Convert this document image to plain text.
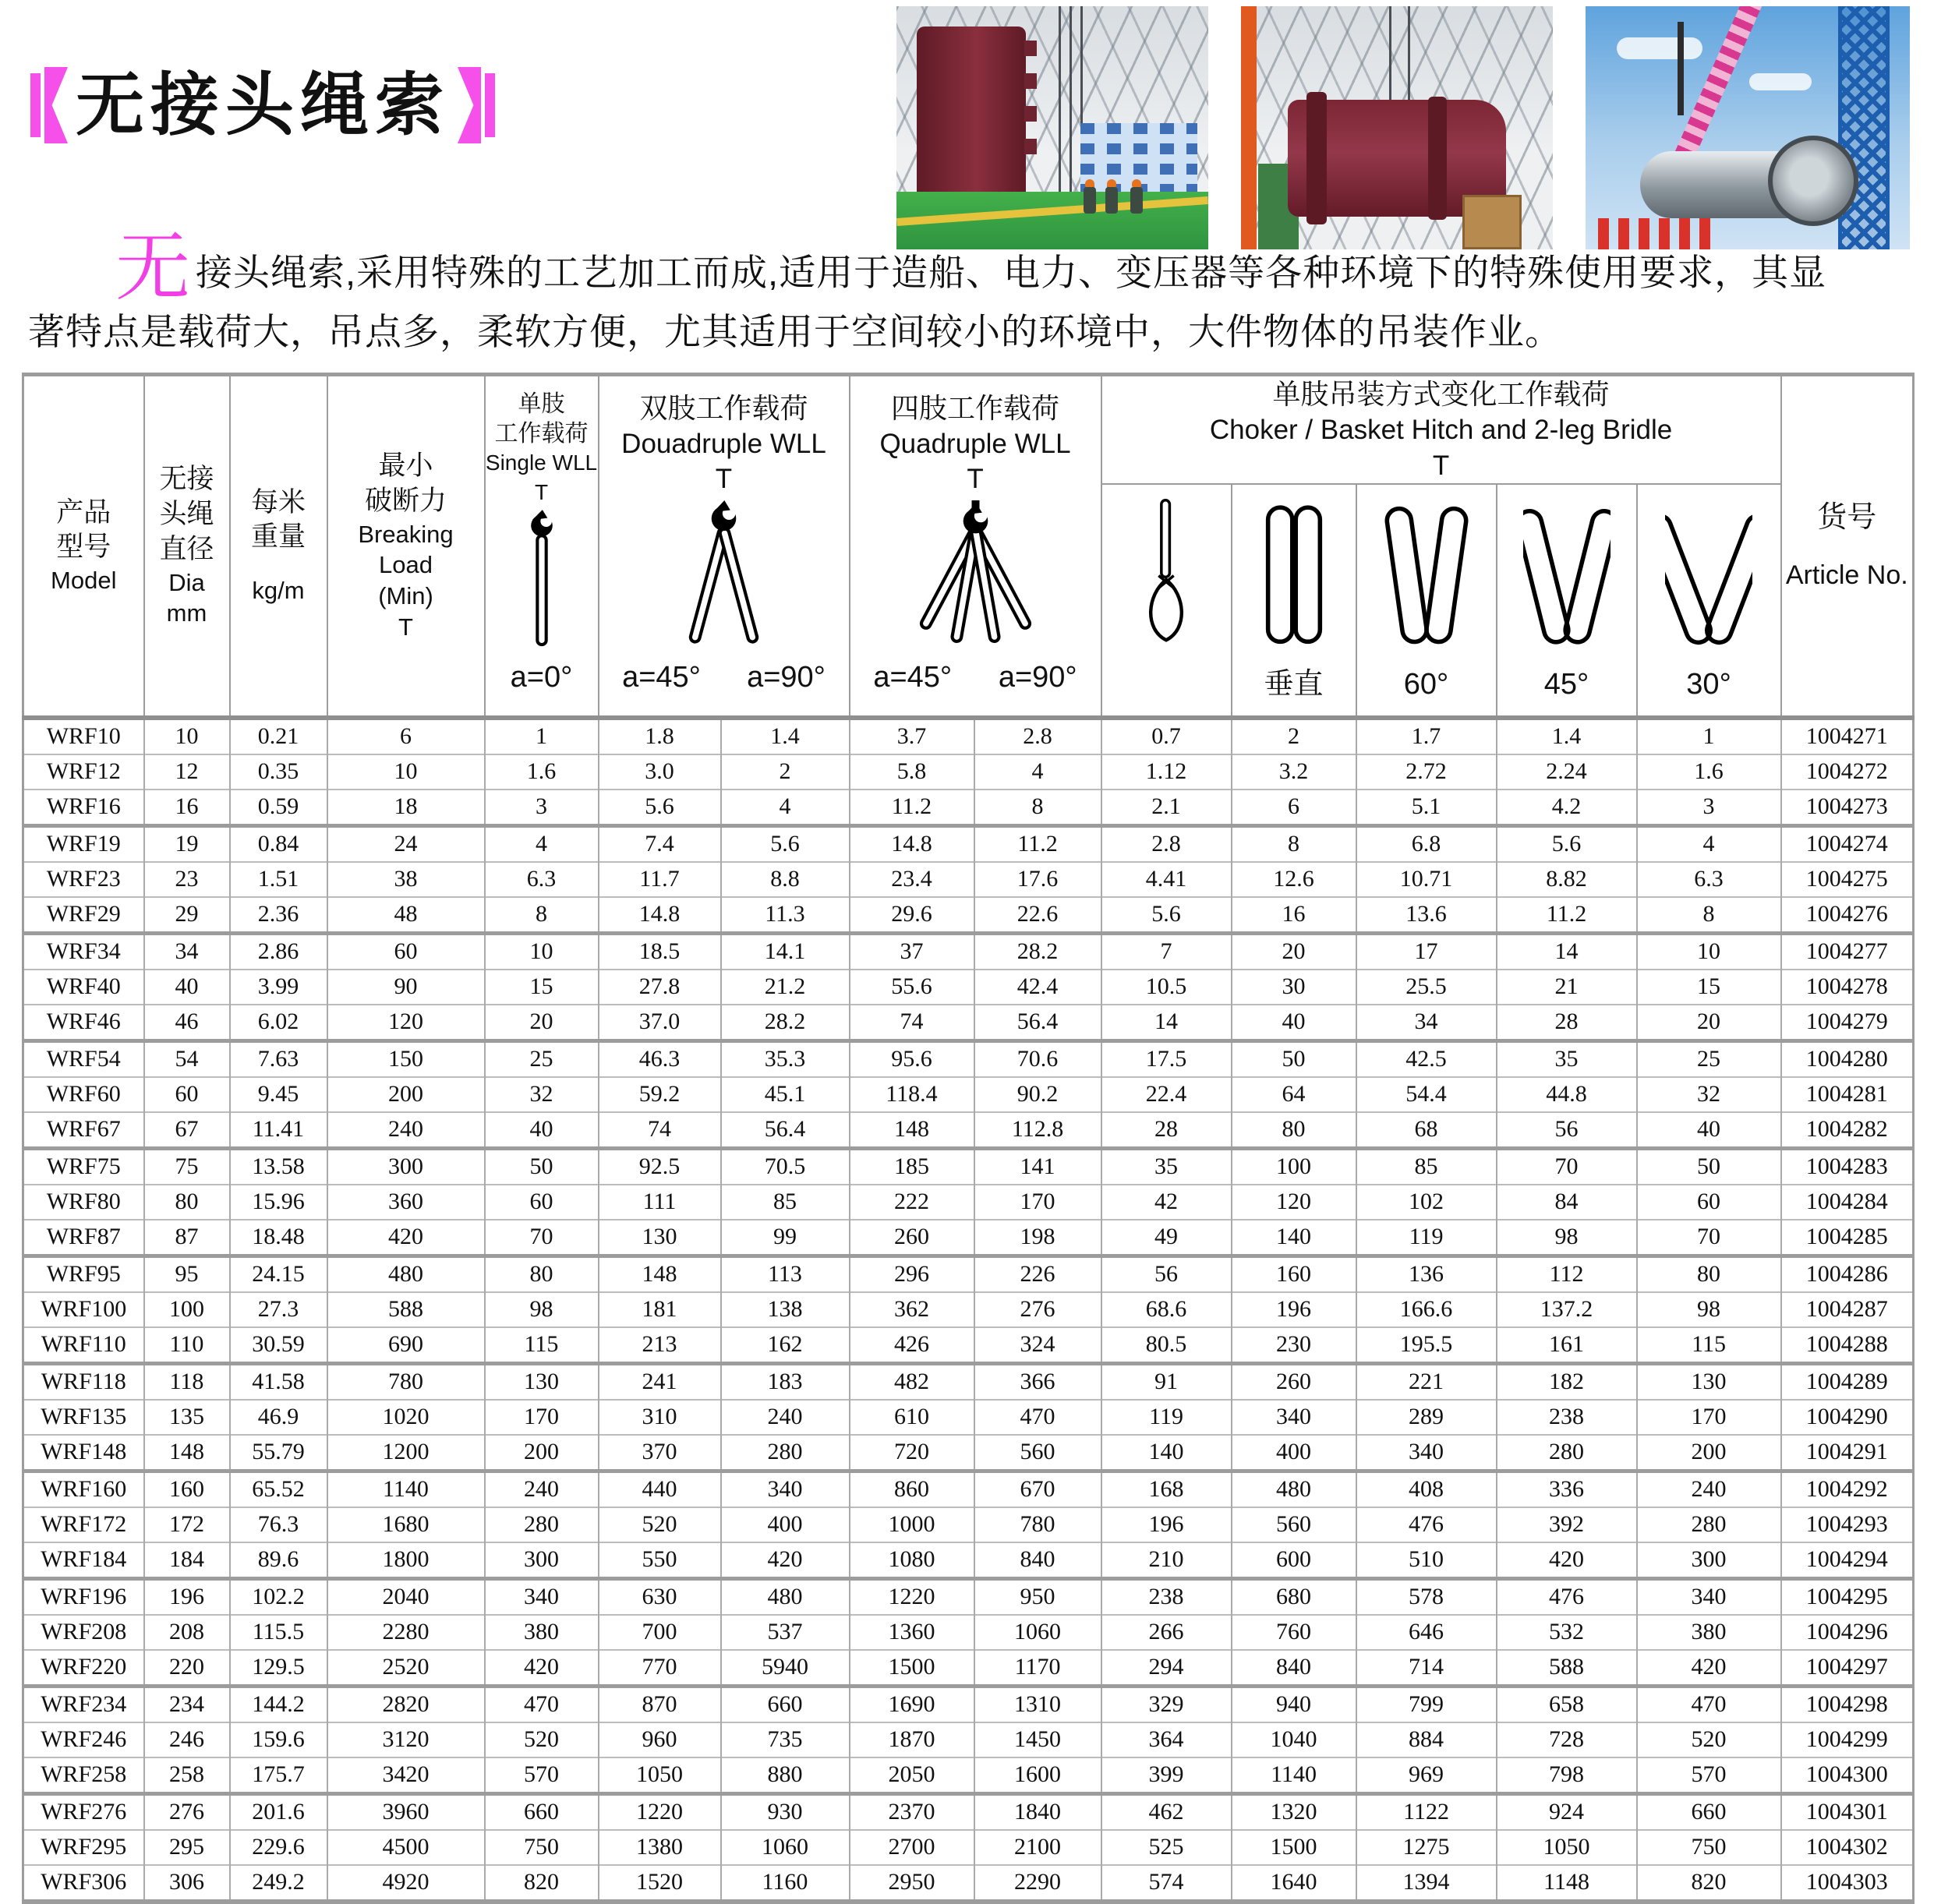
无接头绳索
无接头绳索,采用特殊的工艺加工而成,适用于造船、电力、变压器等各种环境下的特殊使用要求，其显
著特点是载荷大，吊点多，柔软方便，尤其适用于空间较小的环境中，大件物体的吊装作业。
产品
型号
Model

无接
头绳
直径
Dia
mm

每米
重量
kg/m

最小
破断力
Breaking
Load
(Min)
T

单肢
工作载荷
Single WLL
T
a=0°

双肢工作载荷
Douadruple WLL
T
a=45° a=90°

四肢工作载荷
Quadruple WLL
T
a=45° a=90°

单肢吊装方式变化工作载荷
Choker / Basket Hitch and 2-leg Bridle
T

货号
Article No.

垂直	60°	45°	30°	

WRF10	10	0.21	6	1	1.8	1.4	3.7	2.8	0.7	2	1.7	1.4	1	1004271
WRF12	12	0.35	10	1.6	3.0	2	5.8	4	1.12	3.2	2.72	2.24	1.6	1004272
WRF16	16	0.59	18	3	5.6	4	11.2	8	2.1	6	5.1	4.2	3	1004273
WRF19	19	0.84	24	4	7.4	5.6	14.8	11.2	2.8	8	6.8	5.6	4	1004274
WRF23	23	1.51	38	6.3	11.7	8.8	23.4	17.6	4.41	12.6	10.71	8.82	6.3	1004275
WRF29	29	2.36	48	8	14.8	11.3	29.6	22.6	5.6	16	13.6	11.2	8	1004276
WRF34	34	2.86	60	10	18.5	14.1	37	28.2	7	20	17	14	10	1004277
WRF40	40	3.99	90	15	27.8	21.2	55.6	42.4	10.5	30	25.5	21	15	1004278
WRF46	46	6.02	120	20	37.0	28.2	74	56.4	14	40	34	28	20	1004279
WRF54	54	7.63	150	25	46.3	35.3	95.6	70.6	17.5	50	42.5	35	25	1004280
WRF60	60	9.45	200	32	59.2	45.1	118.4	90.2	22.4	64	54.4	44.8	32	1004281
WRF67	67	11.41	240	40	74	56.4	148	112.8	28	80	68	56	40	1004282
WRF75	75	13.58	300	50	92.5	70.5	185	141	35	100	85	70	50	1004283
WRF80	80	15.96	360	60	111	85	222	170	42	120	102	84	60	1004284
WRF87	87	18.48	420	70	130	99	260	198	49	140	119	98	70	1004285
WRF95	95	24.15	480	80	148	113	296	226	56	160	136	112	80	1004286
WRF100	100	27.3	588	98	181	138	362	276	68.6	196	166.6	137.2	98	1004287
WRF110	110	30.59	690	115	213	162	426	324	80.5	230	195.5	161	115	1004288
WRF118	118	41.58	780	130	241	183	482	366	91	260	221	182	130	1004289
WRF135	135	46.9	1020	170	310	240	610	470	119	340	289	238	170	1004290
WRF148	148	55.79	1200	200	370	280	720	560	140	400	340	280	200	1004291
WRF160	160	65.52	1140	240	440	340	860	670	168	480	408	336	240	1004292
WRF172	172	76.3	1680	280	520	400	1000	780	196	560	476	392	280	1004293
WRF184	184	89.6	1800	300	550	420	1080	840	210	600	510	420	300	1004294
WRF196	196	102.2	2040	340	630	480	1220	950	238	680	578	476	340	1004295
WRF208	208	115.5	2280	380	700	537	1360	1060	266	760	646	532	380	1004296
WRF220	220	129.5	2520	420	770	5940	1500	1170	294	840	714	588	420	1004297
WRF234	234	144.2	2820	470	870	660	1690	1310	329	940	799	658	470	1004298
WRF246	246	159.6	3120	520	960	735	1870	1450	364	1040	884	728	520	1004299
WRF258	258	175.7	3420	570	1050	880	2050	1600	399	1140	969	798	570	1004300
WRF276	276	201.6	3960	660	1220	930	2370	1840	462	1320	1122	924	660	1004301
WRF295	295	229.6	4500	750	1380	1060	2700	2100	525	1500	1275	1050	750	1004302
WRF306	306	249.2	4920	820	1520	1160	2950	2290	574	1640	1394	1148	820	1004303
